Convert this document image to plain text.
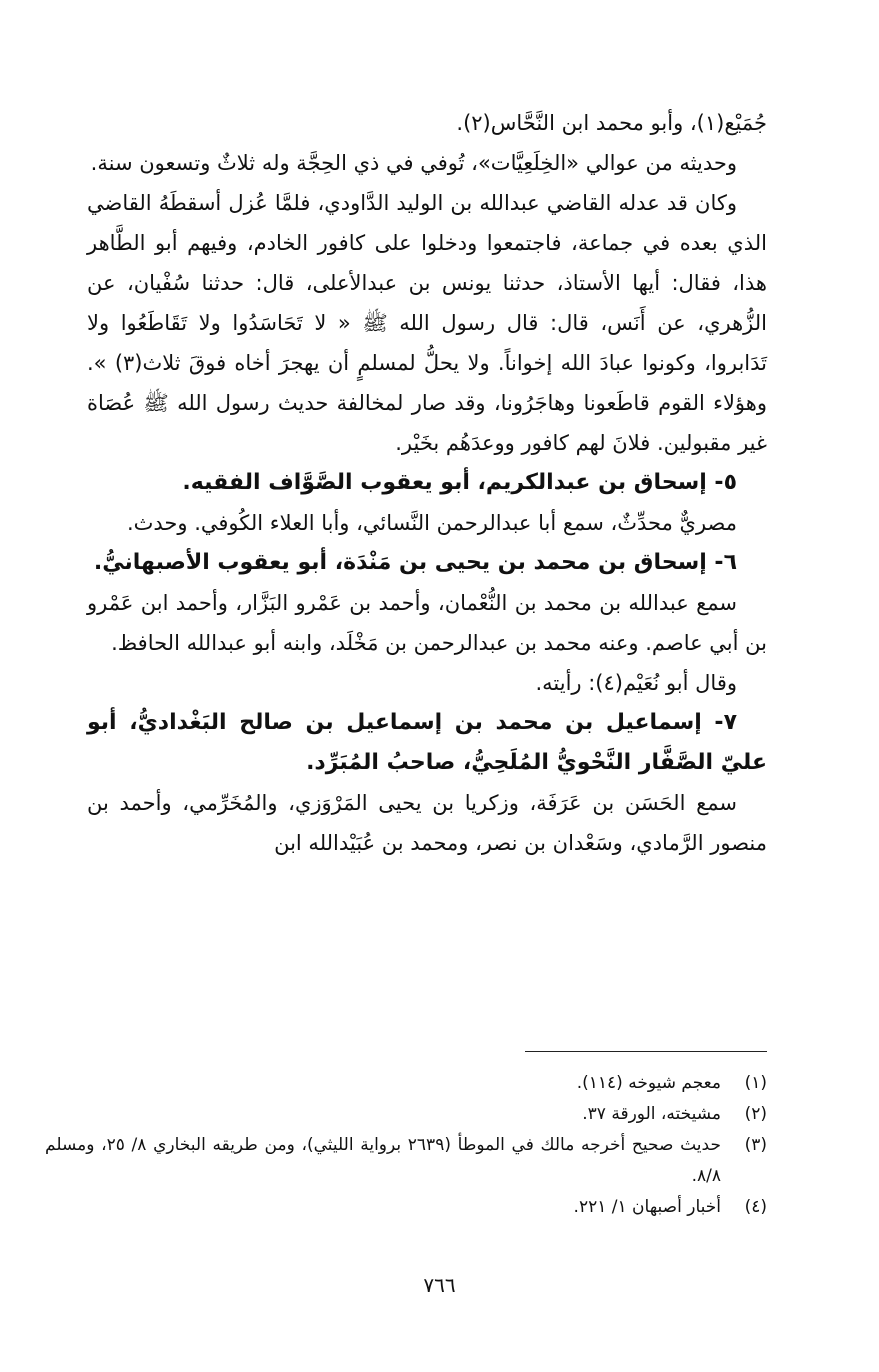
جُمَيْع(١)، وأبو محمد ابن النَّحَّاس(٢).

وحديثه من عوالي «الخِلَعِيَّات»، تُوفي في ذي الحِجَّة وله ثلاثٌ وتسعون سنة.

وكان قد عدله القاضي عبدالله بن الوليد الدَّاودي، فلمَّا عُزل أسقطَهُ القاضي الذي بعده في جماعة، فاجتمعوا ودخلوا على كافور الخادم، وفيهم أبو الطَّاهر هذا، فقال: أيها الأستاذ، حدثنا يونس بن عبدالأعلى، قال: حدثنا سُفْيان، عن الزُّهري، عن أَنَس، قال: قال رسول الله ﷺ « لا تَحَاسَدُوا ولا تَقَاطَعُوا ولا تَدَابروا، وكونوا عبادَ الله إخواناً. ولا يحلُّ لمسلمٍ أن يهجرَ أخاه فوقَ ثلاث(٣) ». وهؤلاء القوم قاطَعونا وهاجَرُونا، وقد صار لمخالفة حديث رسول الله ﷺ عُصَاة غير مقبولين. فلانَ لهم كافور ووعدَهُم بخَيْر.

٥- إسحاق بن عبدالكريم، أبو يعقوب الصَّوَّاف الفقيه.

مصريٌّ محدِّثٌ، سمع أبا عبدالرحمن النَّسائي، وأبا العلاء الكُوفي. وحدث.

٦- إسحاق بن محمد بن يحيى بن مَنْدَة، أبو يعقوب الأصبهانيُّ.

سمع عبدالله بن محمد بن النُّعْمان، وأحمد بن عَمْرو البَزَّار، وأحمد ابن عَمْرو بن أبي عاصم. وعنه محمد بن عبدالرحمن بن مَخْلَد، وابنه أبو عبدالله الحافظ.

وقال أبو نُعَيْم(٤): رأيته.

٧- إسماعيل بن محمد بن إسماعيل بن صالح البَغْداديُّ، أبو عليّ الصَّفَّار النَّحْويُّ المُلَحِيُّ، صاحبُ المُبَرِّد.

سمع الحَسَن بن عَرَفَة، وزكريا بن يحيى المَرْوَزي، والمُخَرِّمي، وأحمد بن منصور الرَّمادي، وسَعْدان بن نصر، ومحمد بن عُبَيْدالله ابن

(١)
معجم شيوخه (١١٤).
(٢)
مشيخته، الورقة ٣٧.
(٣)
حديث صحيح أخرجه مالك في الموطأ (٢٦٣٩ برواية الليثي)، ومن طريقه البخاري ٨/ ٢٥، ومسلم ٨/٨.
(٤)
أخبار أصبهان ١/ ٢٢١.
٧٦٦
